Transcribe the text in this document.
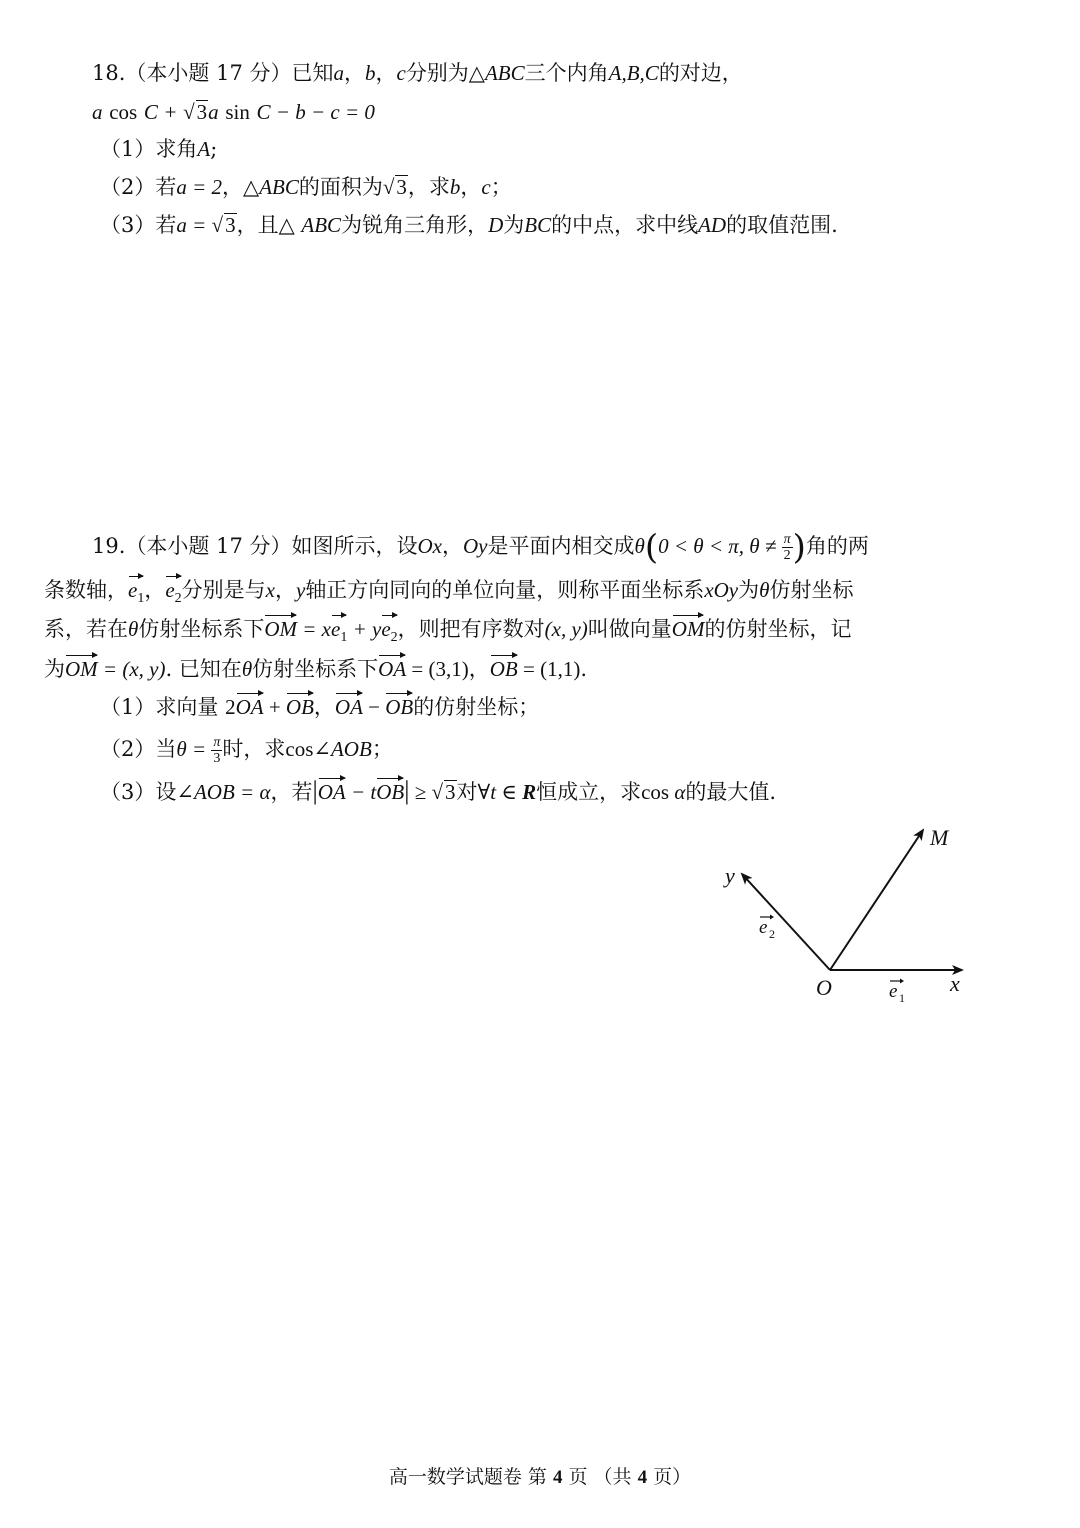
18.（本小题 17 分）已知a，b，c分别为△ABC三个内角A,B,C的对边，
a cos C + √3a sin C − b − c = 0
（1）求角A;
（2）若a = 2，△ABC的面积为√3，求b，c；
（3）若a = √3，且△ ABC为锐角三角形，D为BC的中点，求中线AD的取值范围.
19.（本小题 17 分）如图所示，设Ox，Oy是平面内相交成θ(0 < θ < π, $\theta \ne \frac{\pi}{2}$ )角的两
条数轴，$e_1$，$e_2$分别是与x，y轴正方向同向的单位向量，则称平面坐标系xOy为θ仿射坐标
系，若在θ仿射坐标系下OM = $xe_1 + ye_2$，则把有序数对(x, y)叫做向量OM的仿射坐标，记
为OM = (x, y). 已知在θ仿射坐标系下OA = (3,1)，OB = (1,1).
（1）求向量 2OA + OB，OA − OB的仿射坐标；
（2）当$\theta = \frac{\pi}{3}$ 时，求cos∠AOB；
（3）设∠AOB = α，若|OA − tOB| ≥ √3对∀t ∈ R恒成立，求cos α的最大值.
y
M
O	x
e 2
e 1
高一数学试题卷 第 4 页 （共 4 页）
